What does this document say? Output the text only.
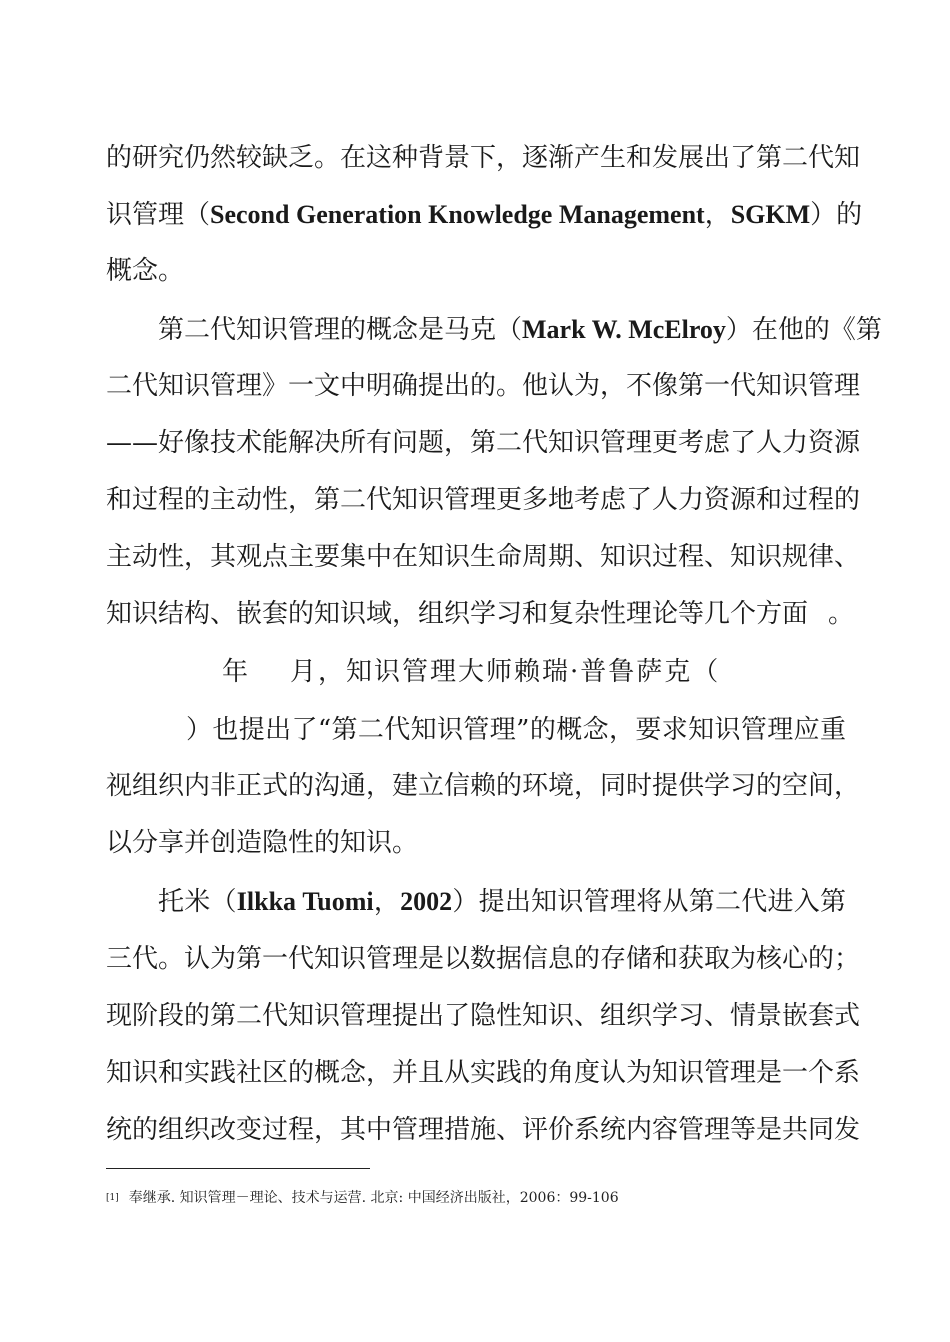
的研究仍然较缺乏。在这种背景下，逐渐产生和发展出了第二代知
识管理（Second Generation Knowledge Management，SGKM）的
概念。
第二代知识管理的概念是马克（Mark W. McElroy）在他的《第
二代知识管理》一文中明确提出的。他认为，不像第一代知识管理
——好像技术能解决所有问题，第二代知识管理更考虑了人力资源
和过程的主动性，第二代知识管理更多地考虑了人力资源和过程的
主动性，其观点主要集中在知识生命周期、知识过程、知识规律、
知识结构、嵌套的知识域，组织学习和复杂性理论等几个方面 。
年 月，知识管理大师赖瑞·普鲁萨克（
）也提出了“第二代知识管理”的概念，要求知识管理应重
视组织内非正式的沟通，建立信赖的环境，同时提供学习的空间，
以分享并创造隐性的知识。
托米（Ilkka Tuomi，2002）提出知识管理将从第二代进入第
三代。认为第一代知识管理是以数据信息的存储和获取为核心的；
现阶段的第二代知识管理提出了隐性知识、组织学习、情景嵌套式
知识和实践社区的概念，并且从实践的角度认为知识管理是一个系
统的组织改变过程，其中管理措施、评价系统内容管理等是共同发
[1] 奉继承. 知识管理－理论、技术与运营. 北京: 中国经济出版社，2006：99-106
